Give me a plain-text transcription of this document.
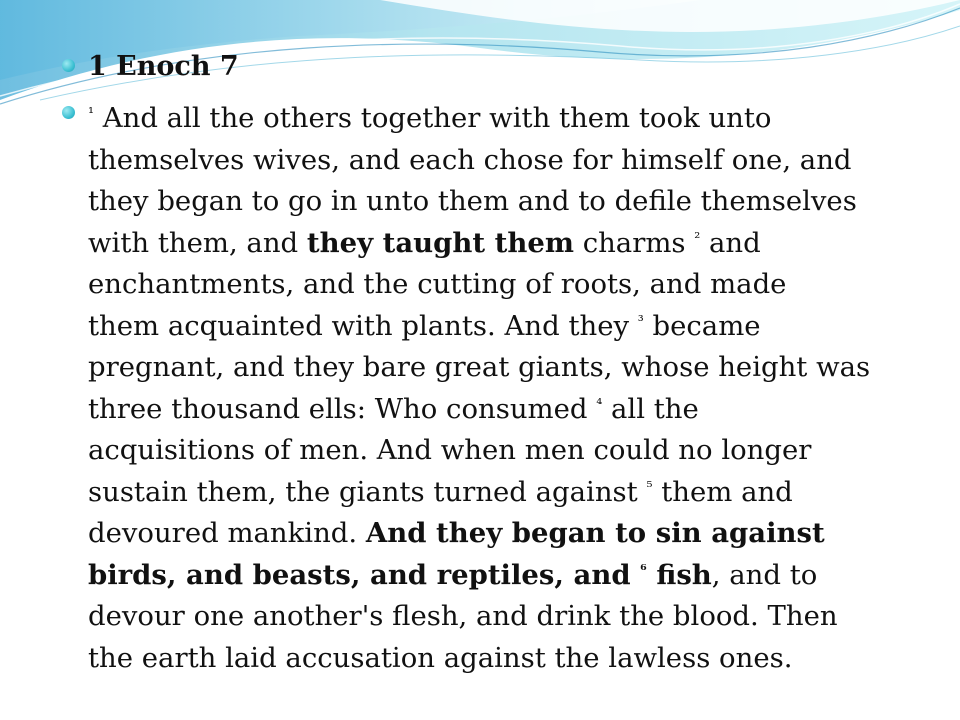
1 Enoch 7
$^{^1}$ And all the others together with them took unto
themselves wives, and each chose for himself one, and
they began to go in unto them and to defile themselves
with them, and they taught them charms $^{^2}$ and
enchantments, and the cutting of roots, and made
them acquainted with plants. And they $^{^3}$ became
pregnant, and they bare great giants, whose height was
three thousand ells: Who consumed $^{^4}$ all the
acquisitions of men. And when men could no longer
sustain them, the giants turned against $^{^5}$ them and
devoured mankind. And they began to sin against
birds, and beasts, and reptiles, and $^{^6}$ fish, and to
devour one another's flesh, and drink the blood. Then
the earth laid accusation against the lawless ones.
